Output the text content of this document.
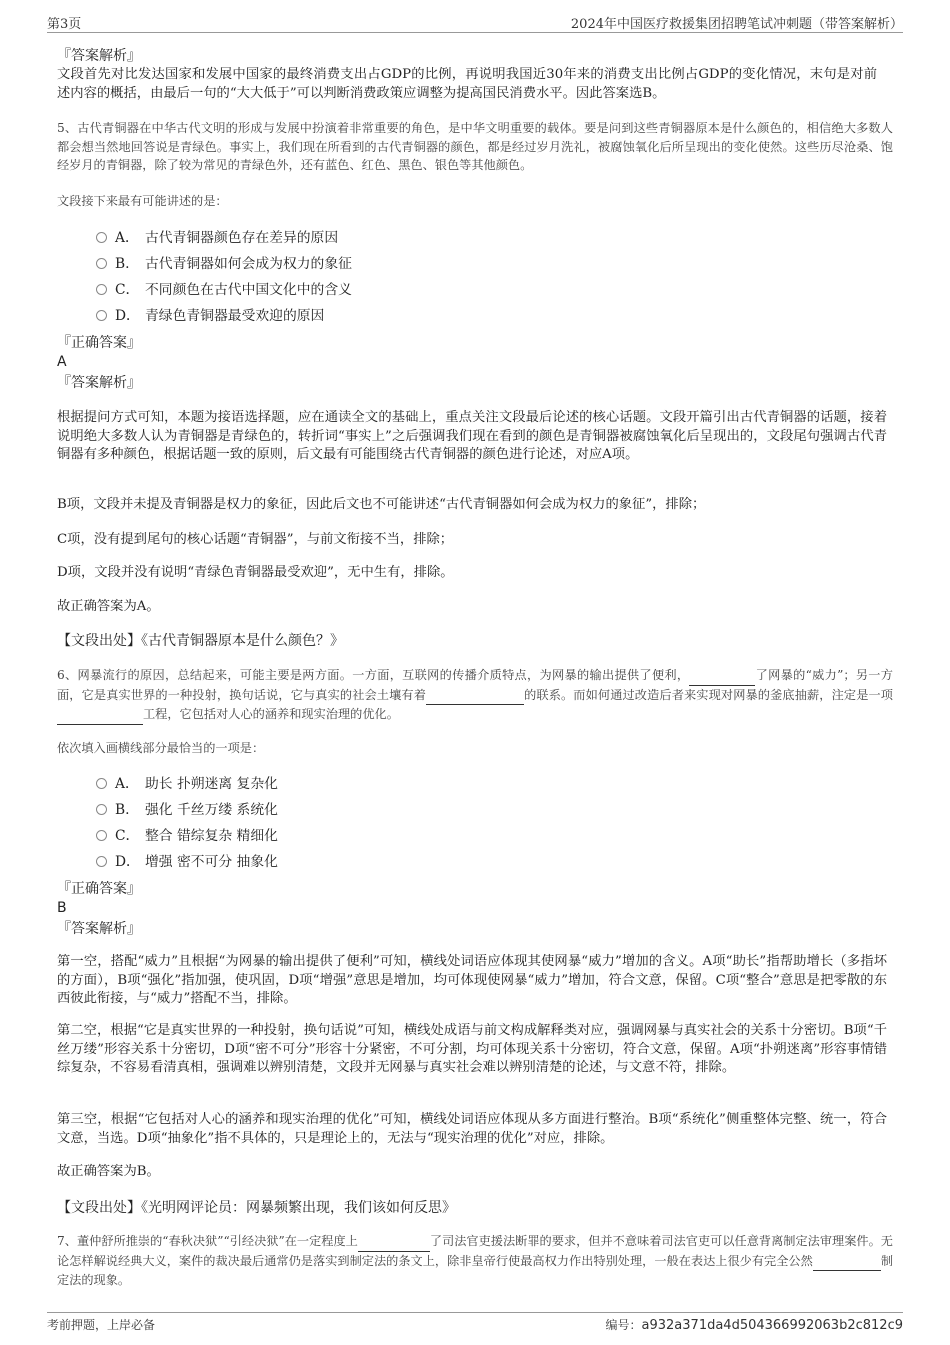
第3页	2024年中国医疗救援集团招聘笔试冲刺题（带答案解析）
『答案解析』
文段首先对比发达国家和发展中国家的最终消费支出占GDP的比例，再说明我国近30年来的消费支出比例占GDP的变化情况，末句是对前述内容的概括，由最后一句的“大大低于”可以判断消费政策应调整为提高国民消费水平。因此答案选B。
5、古代青铜器在中华古代文明的形成与发展中扮演着非常重要的角色，是中华文明重要的载体。要是问到这些青铜器原本是什么颜色的，相信绝大多数人都会想当然地回答说是青绿色。事实上，我们现在所看到的古代青铜器的颜色，都是经过岁月洗礼，被腐蚀氧化后所呈现出的变化使然。这些历尽沧桑、饱经岁月的青铜器，除了较为常见的青绿色外，还有蓝色、红色、黑色、银色等其他颜色。
文段接下来最有可能讲述的是：
A． 古代青铜器颜色存在差异的原因
B. 古代青铜器如何会成为权力的象征
C． 不同颜色在古代中国文化中的含义
D． 青绿色青铜器最受欢迎的原因
『正确答案』
A
『答案解析』
根据提问方式可知，本题为接语选择题，应在通读全文的基础上，重点关注文段最后论述的核心话题。文段开篇引出古代青铜器的话题，接着说明绝大多数人认为青铜器是青绿色的，转折词“事实上”之后强调我们现在看到的颜色是青铜器被腐蚀氧化后呈现出的，文段尾句强调古代青铜器有多种颜色，根据话题一致的原则，后文最有可能围绕古代青铜器的颜色进行论述，对应A项。
B项，文段并未提及青铜器是权力的象征，因此后文也不可能讲述“古代青铜器如何会成为权力的象征”，排除；
C项，没有提到尾句的核心话题“青铜器”，与前文衔接不当，排除；
D项，文段并没有说明“青绿色青铜器最受欢迎”，无中生有，排除。
故正确答案为A。
【文段出处】《古代青铜器原本是什么颜色？》
6、网暴流行的原因，总结起来，可能主要是两方面。一方面，互联网的传播介质特点，为网暴的输出提供了便利，	了网暴的“威力”；另一方面，它是真实世界的一种投射，换句话说，它与真实的社会土壤有着	的联系。而如何通过改造后者来实现对网暴的釜底抽薪，注定是一项 工程，它包括对人心的涵养和现实治理的优化。
依次填入画横线部分最恰当的一项是：
A． 助长 扑朔迷离 复杂化
B. 强化 千丝万缕 系统化
C． 整合 错综复杂 精细化
D． 增强 密不可分 抽象化
『正确答案』
B
『答案解析』
第一空，搭配“威力”且根据“为网暴的输出提供了便利”可知，横线处词语应体现其使网暴“威力”增加的含义。A项“助长”指帮助增长（多指坏的方面），B项“强化”指加强，使巩固，D项“增强”意思是增加，均可体现使网暴“威力”增加，符合文意，保留。C项“整合”意思是把零散的东西彼此衔接，与“威力”搭配不当，排除。
第二空，根据“它是真实世界的一种投射，换句话说”可知，横线处成语与前文构成解释类对应，强调网暴与真实社会的关系十分密切。B项“千丝万缕”形容关系十分密切，D项“密不可分”形容十分紧密，不可分割，均可体现关系十分密切，符合文意，保留。A项“扑朔迷离”形容事情错综复杂，不容易看清真相，强调难以辨别清楚，文段并无网暴与真实社会难以辨别清楚的论述，与文意不符，排除。
第三空，根据“它包括对人心的涵养和现实治理的优化”可知，横线处词语应体现从多方面进行整治。B项“系统化”侧重整体完整、统一，符合文意，当选。D项“抽象化”指不具体的，只是理论上的，无法与“现实治理的优化”对应，排除。
故正确答案为B。
【文段出处】《光明网评论员：网暴频繁出现，我们该如何反思》
7、董仲舒所推崇的“春秋决狱”“引经决狱”在一定程度上	了司法官吏援法断罪的要求，但并不意味着司法官吏可以任意背离制定法审理案件。无论怎样解说经典大义，案件的裁决最后通常仍是落实到制定法的条文上，除非皇帝行使最高权力作出特别处理，一般在表达上很少有完全公然	制定法的现象。
考前押题，上岸必备	编号：a932a371da4d504366992063b2c812c9
